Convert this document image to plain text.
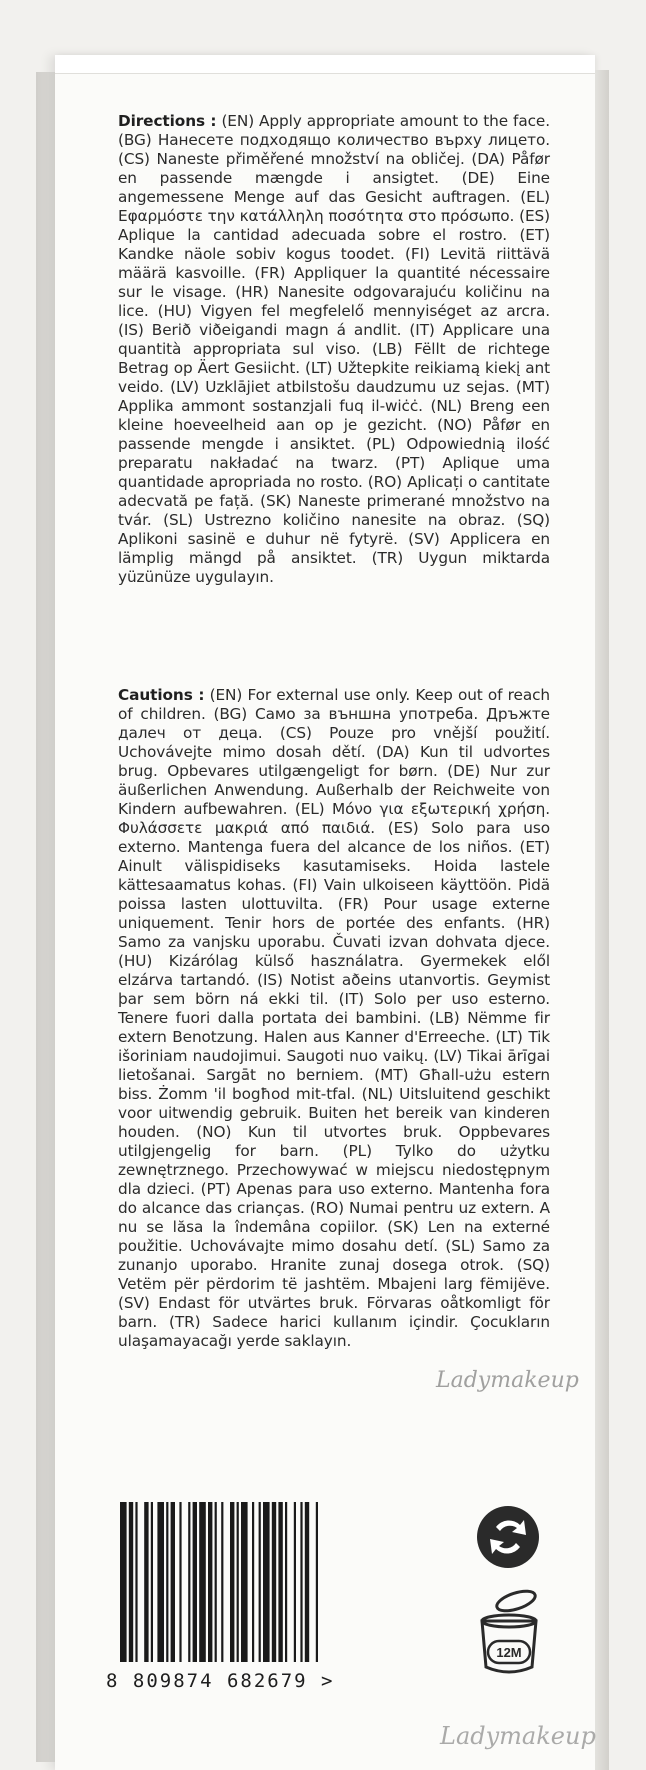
Directions : (EN) Apply appropriate amount to the face. (BG) Нанесете подходящо количество върху лицето. (CS) Naneste přiměřené množství na obličej. (DA) Påfør en passende mængde i ansigtet. (DE) Eine angemessene Menge auf das Gesicht auftragen. (EL) Εφαρμόστε την κατάλληλη ποσότητα στο πρόσωπο. (ES) Aplique la cantidad adecuada sobre el rostro. (ET) Kandke näole sobiv kogus toodet. (FI) Levitä riittävä määrä kasvoille. (FR) Appliquer la quantité nécessaire sur le visage. (HR) Nanesite odgovarajuću količinu na lice. (HU) Vigyen fel megfelelő mennyiséget az arcra. (IS) Berið viðeigandi magn á andlit. (IT) Applicare una quantità appropriata sul viso. (LB) Fëllt de richtege Betrag op Äert Gesiicht. (LT) Užtepkite reikiamą kiekį ant veido. (LV) Uzklājiet atbilstošu daudzumu uz sejas. (MT) Applika ammont sostanzjali fuq il-wiċċ. (NL) Breng een kleine hoeveelheid aan op je gezicht. (NO) Påfør en passende mengde i ansiktet. (PL) Odpowiednią ilość preparatu nakładać na twarz. (PT) Aplique uma quantidade apropriada no rosto. (RO) Aplicați o cantitate adecvată pe față. (SK) Naneste primerané množstvo na tvár. (SL) Ustrezno količino nanesite na obraz. (SQ) Aplikoni sasinë e duhur në fytyrë. (SV) Applicera en lämplig mängd på ansiktet. (TR) Uygun miktarda yüzünüze uygulayın.
Cautions : (EN) For external use only. Keep out of reach of children. (BG) Само за външна употреба. Дръжте далеч от деца. (CS) Pouze pro vnější použití. Uchovávejte mimo dosah dětí. (DA) Kun til udvortes brug. Opbevares utilgængeligt for børn. (DE) Nur zur äußerlichen Anwendung. Außerhalb der Reichweite von Kindern aufbewahren. (EL) Μόνο για εξωτερική χρήση. Φυλάσσετε μακριά από παιδιά. (ES) Solo para uso externo. Mantenga fuera del alcance de los niños. (ET) Ainult välispidiseks kasutamiseks. Hoida lastele kättesaamatus kohas. (FI) Vain ulkoiseen käyttöön. Pidä poissa lasten ulottuvilta. (FR) Pour usage externe uniquement. Tenir hors de portée des enfants. (HR) Samo za vanjsku uporabu. Čuvati izvan dohvata djece. (HU) Kizárólag külső használatra. Gyermekek elől elzárva tartandó. (IS) Notist aðeins utanvortis. Geymist þar sem börn ná ekki til. (IT) Solo per uso esterno. Tenere fuori dalla portata dei bambini. (LB) Nëmme fir extern Benotzung. Halen aus Kanner d'Erreeche. (LT) Tik išoriniam naudojimui. Saugoti nuo vaikų. (LV) Tikai ārīgai lietošanai. Sargāt no berniem. (MT) Għall-użu estern biss. Żomm 'il bogħod mit-tfal. (NL) Uitsluitend geschikt voor uitwendig gebruik. Buiten het bereik van kinderen houden. (NO) Kun til utvortes bruk. Oppbevares utilgjengelig for barn. (PL) Tylko do użytku zewnętrznego. Przechowywać w miejscu niedostępnym dla dzieci. (PT) Apenas para uso externo. Mantenha fora do alcance das crianças. (RO) Numai pentru uz extern. A nu se lăsa la îndemâna copiilor. (SK) Len na externé použitie. Uchovávajte mimo dosahu detí. (SL) Samo za zunanjo uporabo. Hranite zunaj dosega otrok. (SQ) Vetëm për përdorim të jashtëm. Mbajeni larg fëmijëve. (SV) Endast för utvärtes bruk. Förvaras oåtkomligt för barn. (TR) Sadece harici kullanım içindir. Çocukların ulaşamayacağı yerde saklayın.
8 809874 682679 >
12M
Ladymakeup
Ladymakeup
